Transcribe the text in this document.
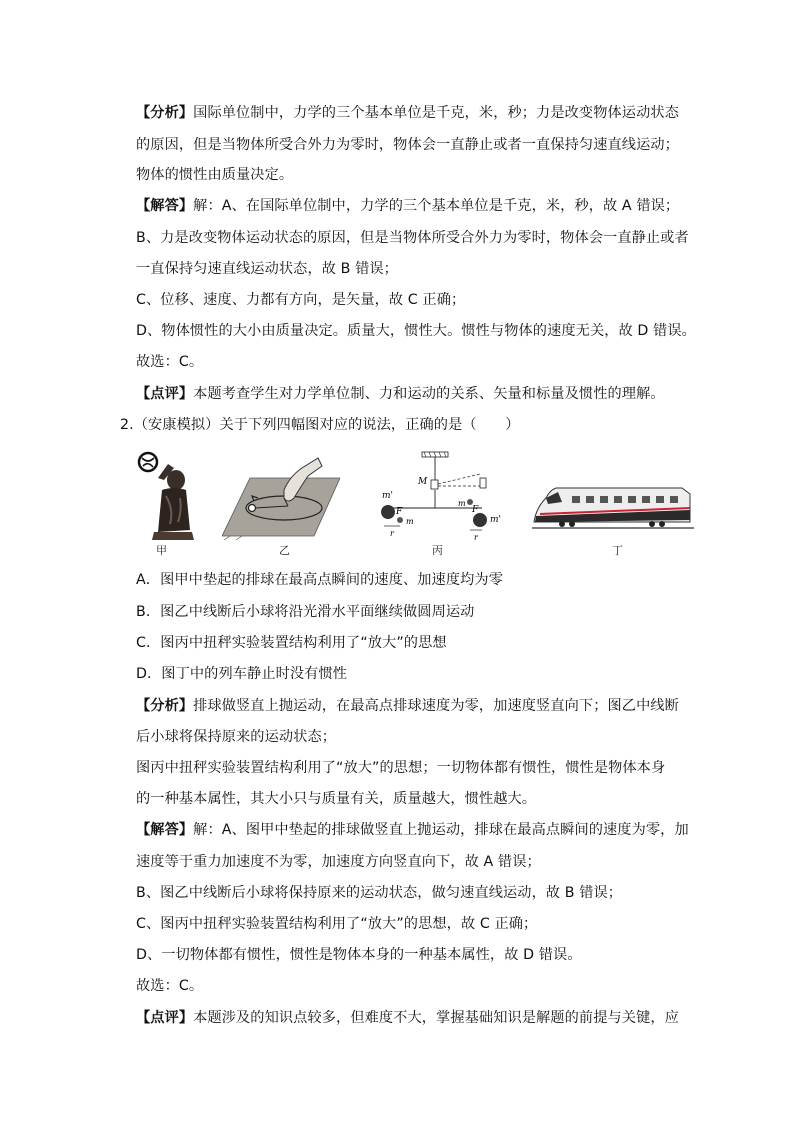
【分析】国际单位制中，力学的三个基本单位是千克，米，秒；力是改变物体运动状态
的原因，但是当物体所受合外力为零时，物体会一直静止或者一直保持匀速直线运动；
物体的惯性由质量决定。
【解答】解：A、在国际单位制中，力学的三个基本单位是千克，米，秒，故 A 错误；
B、力是改变物体运动状态的原因，但是当物体所受合外力为零时，物体会一直静止或者
一直保持匀速直线运动状态，故 B 错误；
C、位移、速度、力都有方向，是矢量，故 C 正确；
D、物体惯性的大小由质量决定。质量大，惯性大。惯性与物体的速度无关，故 D 错误。
故选：C。
【点评】本题考查学生对力学单位制、力和运动的关系、矢量和标量及惯性的理解。
2.（安康模拟）关于下列四幅图对应的说法，正确的是（　　）
甲	乙
m'
M
F
m
r
m
F
m'
r
丙	丁
A．图甲中垫起的排球在最高点瞬间的速度、加速度均为零
B．图乙中线断后小球将沿光滑水平面继续做圆周运动
C．图丙中扭秤实验装置结构利用了“放大”的思想
D．图丁中的列车静止时没有惯性
【分析】排球做竖直上抛运动，在最高点排球速度为零，加速度竖直向下；图乙中线断
后小球将保持原来的运动状态；
图丙中扭秤实验装置结构利用了“放大”的思想；一切物体都有惯性，惯性是物体本身
的一种基本属性，其大小只与质量有关，质量越大，惯性越大。
【解答】解：A、图甲中垫起的排球做竖直上抛运动，排球在最高点瞬间的速度为零，加
速度等于重力加速度不为零，加速度方向竖直向下，故 A 错误；
B、图乙中线断后小球将保持原来的运动状态，做匀速直线运动，故 B 错误；
C、图丙中扭秤实验装置结构利用了“放大”的思想，故 C 正确；
D、一切物体都有惯性，惯性是物体本身的一种基本属性，故 D 错误。
故选：C。
【点评】本题涉及的知识点较多，但难度不大，掌握基础知识是解题的前提与关键，应
